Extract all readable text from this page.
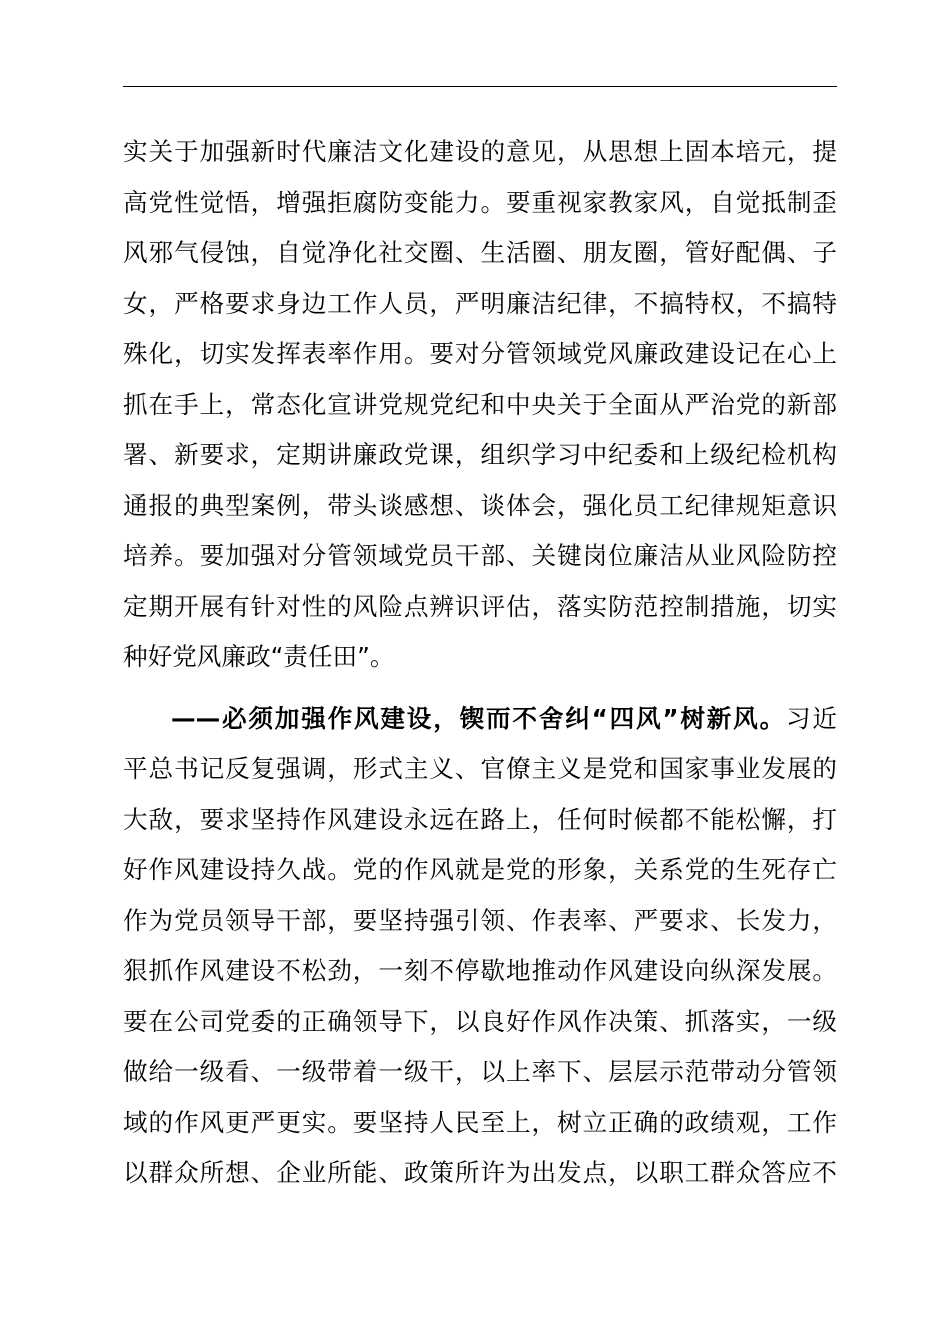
实关于加强新时代廉洁文化建设的意见，从思想上固本培元，提
高党性觉悟，增强拒腐防变能力。要重视家教家风，自觉抵制歪
风邪气侵蚀，自觉净化社交圈、生活圈、朋友圈，管好配偶、子
女，严格要求身边工作人员，严明廉洁纪律，不搞特权，不搞特
殊化，切实发挥表率作用。要对分管领域党风廉政建设记在心上
抓在手上，常态化宣讲党规党纪和中央关于全面从严治党的新部
署、新要求，定期讲廉政党课，组织学习中纪委和上级纪检机构
通报的典型案例，带头谈感想、谈体会，强化员工纪律规矩意识
培养。要加强对分管领域党员干部、关键岗位廉洁从业风险防控
定期开展有针对性的风险点辨识评估，落实防范控制措施，切实
种好党风廉政“责任田”。
——必须加强作风建设，锲而不舍纠“四风”树新风。习近
平总书记反复强调，形式主义、官僚主义是党和国家事业发展的
大敌，要求坚持作风建设永远在路上，任何时候都不能松懈，打
好作风建设持久战。党的作风就是党的形象，关系党的生死存亡
作为党员领导干部，要坚持强引领、作表率、严要求、长发力，
狠抓作风建设不松劲，一刻不停歇地推动作风建设向纵深发展。
要在公司党委的正确领导下，以良好作风作决策、抓落实，一级
做给一级看、一级带着一级干，以上率下、层层示范带动分管领
域的作风更严更实。要坚持人民至上，树立正确的政绩观，工作
以群众所想、企业所能、政策所许为出发点，以职工群众答应不
